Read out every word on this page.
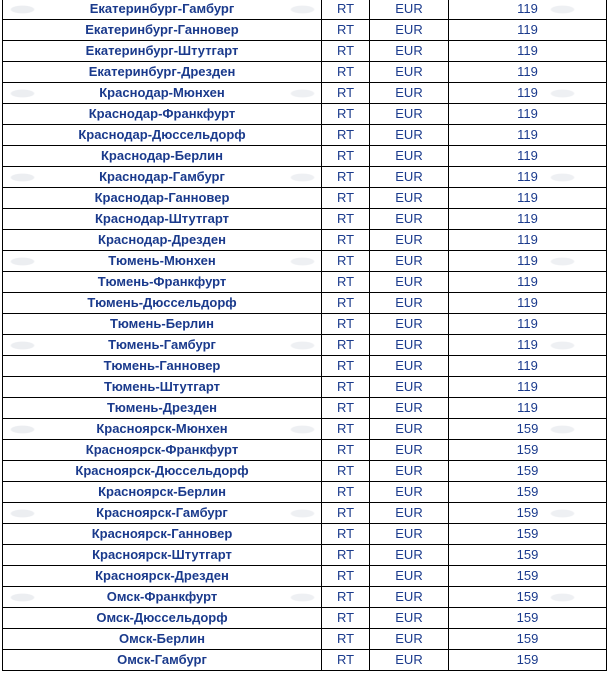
Екатеринбург-Гамбург	RT	EUR	119
Екатеринбург-Ганновер	RT	EUR	119
Екатеринбург-Штутгарт	RT	EUR	119
Екатеринбург-Дрезден	RT	EUR	119
Краснодар-Мюнхен	RT	EUR	119
Краснодар-Франкфурт	RT	EUR	119
Краснодар-Дюссельдорф	RT	EUR	119
Краснодар-Берлин	RT	EUR	119
Краснодар-Гамбург	RT	EUR	119
Краснодар-Ганновер	RT	EUR	119
Краснодар-Штутгарт	RT	EUR	119
Краснодар-Дрезден	RT	EUR	119
Тюмень-Мюнхен	RT	EUR	119
Тюмень-Франкфурт	RT	EUR	119
Тюмень-Дюссельдорф	RT	EUR	119
Тюмень-Берлин	RT	EUR	119
Тюмень-Гамбург	RT	EUR	119
Тюмень-Ганновер	RT	EUR	119
Тюмень-Штутгарт	RT	EUR	119
Тюмень-Дрезден	RT	EUR	119
Красноярск-Мюнхен	RT	EUR	159
Красноярск-Франкфурт	RT	EUR	159
Красноярск-Дюссельдорф	RT	EUR	159
Красноярск-Берлин	RT	EUR	159
Красноярск-Гамбург	RT	EUR	159
Красноярск-Ганновер	RT	EUR	159
Красноярск-Штутгарт	RT	EUR	159
Красноярск-Дрезден	RT	EUR	159
Омск-Франкфурт	RT	EUR	159
Омск-Дюссельдорф	RT	EUR	159
Омск-Берлин	RT	EUR	159
Омск-Гамбург	RT	EUR	159
